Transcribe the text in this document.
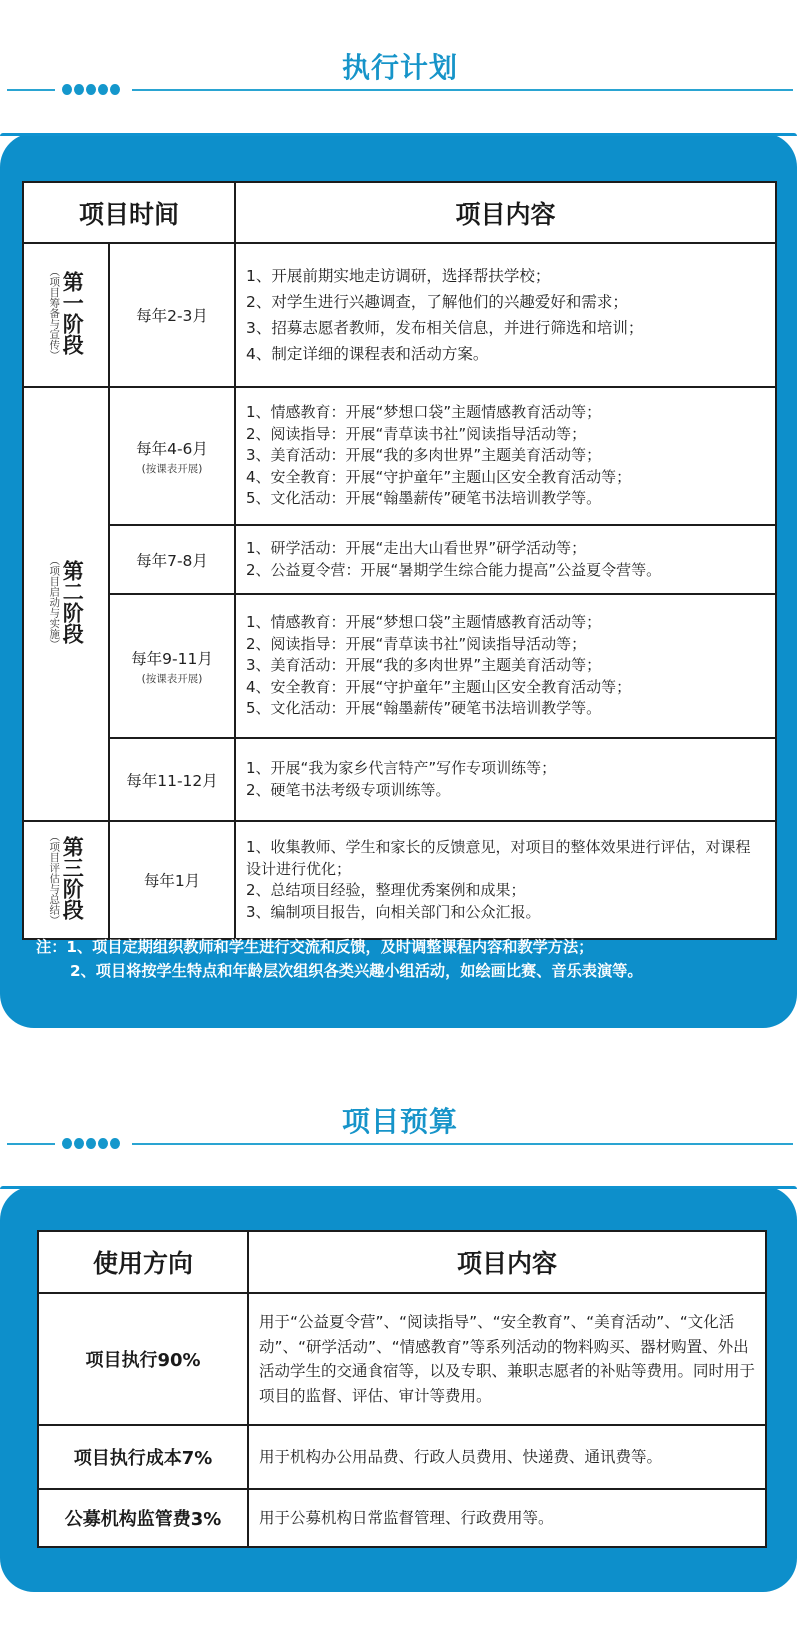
执行计划
项目时间		项目内容

（项目筹备与宣传） 第一阶段	每年2-3月	1、开展前期实地走访调研，选择帮扶学校；
2、对学生进行兴趣调查，了解他们的兴趣爱好和需求；
3、招募志愿者教师，发布相关信息，并进行筛选和培训；
4、制定详细的课程表和活动方案。

（项目启动与实施） 第二阶段	每年4-6月
(按课表开展)	1、情感教育：开展“梦想口袋”主题情感教育活动等；
2、阅读指导：开展“青草读书社”阅读指导活动等；
3、美育活动：开展“我的多肉世界”主题美育活动等；
4、安全教育：开展“守护童年”主题山区安全教育活动等；
5、文化活动：开展“翰墨薪传”硬笔书法培训教学等。

	每年7-8月	1、研学活动：开展“走出大山看世界”研学活动等；
2、公益夏令营：开展“暑期学生综合能力提高”公益夏令营等。

	每年9-11月
(按课表开展)	1、情感教育：开展“梦想口袋”主题情感教育活动等；
2、阅读指导：开展“青草读书社”阅读指导活动等；
3、美育活动：开展“我的多肉世界”主题美育活动等；
4、安全教育：开展“守护童年”主题山区安全教育活动等；
5、文化活动：开展“翰墨薪传”硬笔书法培训教学等。

	每年11-12月	1、开展“我为家乡代言特产”写作专项训练等；
2、硬笔书法考级专项训练等。

（项目评估与总结） 第三阶段	每年1月	1、收集教师、学生和家长的反馈意见，对项目的整体效果进行评估，对课程设计进行优化；
2、总结项目经验，整理优秀案例和成果；
3、编制项目报告，向相关部门和公众汇报。
注：1、项目定期组织教师和学生进行交流和反馈，及时调整课程内容和教学方法；
2、项目将按学生特点和年龄层次组织各类兴趣小组活动，如绘画比赛、音乐表演等。
项目预算
使用方向	项目内容
项目执行90%	用于“公益夏令营”、“阅读指导”、“安全教育”、“美育活动”、“文化活动”、“研学活动”、“情感教育”等系列活动的物料购买、器材购置、外出活动学生的交通食宿等，以及专职、兼职志愿者的补贴等费用。同时用于项目的监督、评估、审计等费用。
项目执行成本7%	用于机构办公用品费、行政人员费用、快递费、通讯费等。
公募机构监管费3%	用于公募机构日常监督管理、行政费用等。
